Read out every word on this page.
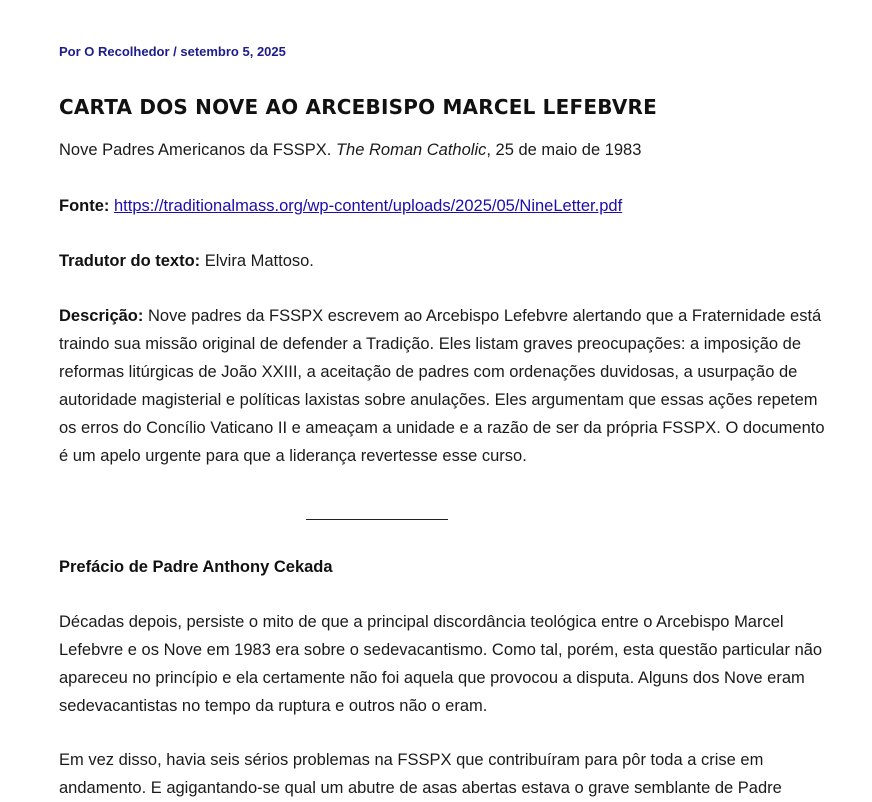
Por O Recolhedor / setembro 5, 2025
CARTA DOS NOVE AO ARCEBISPO MARCEL LEFEBVRE

Nove Padres Americanos da FSSPX. The Roman Catholic, 25 de maio de 1983

Fonte: https://traditionalmass.org/wp-content/uploads/2025/05/NineLetter.pdf

Tradutor do texto: Elvira Mattoso.

Descrição: Nove padres da FSSPX escrevem ao Arcebispo Lefebvre alertando que a Fraternidade está traindo sua missão original de defender a Tradição. Eles listam graves preocupações: a imposição de reformas litúrgicas de João XXIII, a aceitação de padres com ordenações duvidosas, a usurpação de autoridade magisterial e políticas laxistas sobre anulações. Eles argumentam que essas ações repetem os erros do Concílio Vaticano II e ameaçam a unidade e a razão de ser da própria FSSPX. O documento é um apelo urgente para que a liderança revertesse esse curso.

Prefácio de Padre Anthony Cekada

Décadas depois, persiste o mito de que a principal discordância teológica entre o Arcebispo Marcel Lefebvre e os Nove em 1983 era sobre o sedevacantismo. Como tal, porém, esta questão particular não apareceu no princípio e ela certamente não foi aquela que provocou a disputa. Alguns dos Nove eram sedevacantistas no tempo da ruptura e outros não o eram.

Em vez disso, havia seis sérios problemas na FSSPX que contribuíram para pôr toda a crise em andamento. E agigantando-se qual um abutre de asas abertas estava o grave semblante de Padre
